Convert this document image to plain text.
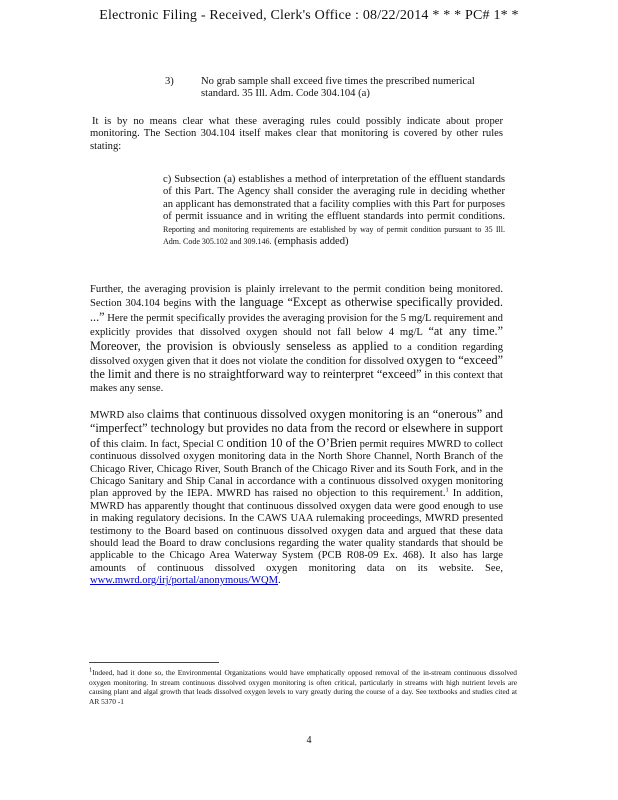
Electronic Filing - Received, Clerk's Office : 08/22/2014 * * * PC# 1* *
3)	No grab sample shall exceed five times the prescribed numerical
standard. 35 Ill. Adm. Code 304.104 (a)

It is by no means clear what these averaging rules could possibly indicate about proper monitoring. The Section 304.104 itself makes clear that monitoring is covered by other rules stating:

c) Subsection (a) establishes a method of interpretation of the effluent standards of this Part. The Agency shall consider the averaging rule in deciding whether an applicant has demonstrated that a facility complies with this Part for purposes of permit issuance and in writing the effluent standards into permit conditions. Reporting and monitoring requirements are established by way of permit condition pursuant to 35 Ill. Adm. Code 305.102 and 309.146. (emphasis added)

Further, the averaging provision is plainly irrelevant to the permit condition being monitored. Section 304.104 begins with the language “Except as otherwise specifically provided. ...” Here the permit specifically provides the averaging provision for the 5 mg/L requirement and explicitly provides that dissolved oxygen should not fall below 4 mg/L “at any time.” Moreover, the provision is obviously senseless as applied to a condition regarding dissolved oxygen given that it does not violate the condition for dissolved oxygen to “exceed” the limit and there is no straightforward way to reinterpret “exceed” in this context that makes any sense.

MWRD also claims that continuous dissolved oxygen monitoring is an “onerous” and “imperfect” technology but provides no data from the record or elsewhere in support of this claim. In fact, Special C ondition 10 of the O’Brien permit requires MWRD to collect continuous dissolved oxygen monitoring data in the North Shore Channel, North Branch of the Chicago River, Chicago River, South Branch of the Chicago River and its South Fork, and in the Chicago Sanitary and Ship Canal in accordance with a continuous dissolved oxygen monitoring plan approved by the IEPA. MWRD has raised no objection to this requirement.$^1$ In addition, MWRD has apparently thought that continuous dissolved oxygen data were good enough to use in making regulatory decisions. In the CAWS UAA rulemaking proceedings, MWRD presented testimony to the Board based on continuous dissolved oxygen data and argued that these data should lead the Board to draw conclusions regarding the water quality standards that should be applicable to the Chicago Area Waterway System (PCB R08-09 Ex. 468). It also has large amounts of continuous dissolved oxygen monitoring data on its website. See, www.mwrd.org/irj/portal/anonymous/WQM.

$^1$Indeed, had it done so, the Environmental Organizations would have emphatically opposed removal of the in-stream continuous dissolved oxygen monitoring. In stream continuous dissolved oxygen monitoring is often critical, particularly in streams with high nutrient levels are causing plant and algal growth that leads dissolved oxygen levels to vary greatly during the course of a day. See textbooks and studies cited at AR 5370 -1

4
